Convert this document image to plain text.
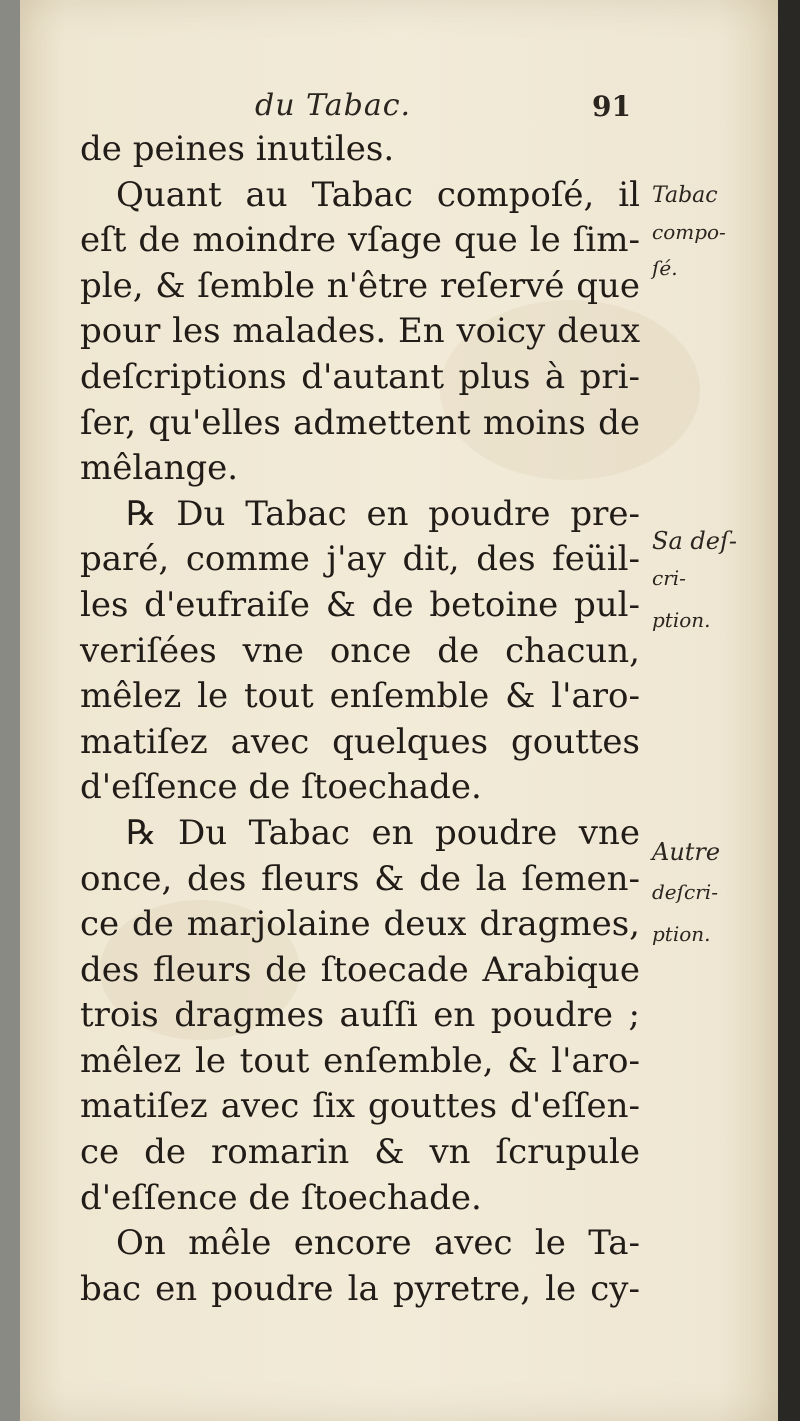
du Tabac.	91
de peines inutiles.
Quant au Tabac compoſé, il
eſt de moindre vſage que le ſim-
ple, & ſemble n'être reſervé que
pour les malades. En voicy deux
deſcriptions d'autant plus à pri-
ſer, qu'elles admettent moins de
mêlange.
℞ Du Tabac en poudre pre-
paré, comme j'ay dit, des feüil-
les d'eufraiſe & de betoine pul-
veriſées vne once de chacun,
mêlez le tout enſemble & l'aro-
matiſez avec quelques gouttes
d'eſſence de ſtoechade.
℞ Du Tabac en poudre vne
once, des fleurs & de la ſemen-
ce de marjolaine deux dragmes,
des fleurs de ſtoecade Arabique
trois dragmes auſſi en poudre ;
mêlez le tout enſemble, & l'aro-
matiſez avec ſix gouttes d'eſſen-
ce de romarin & vn ſcrupule
d'eſſence de ſtoechade.
On mêle encore avec le Ta-
bac en poudre la pyretre, le cy-
Tabac
compo-
ſé.
Sa deſ-
cri-
ption.
Autre
deſcri-
ption.
